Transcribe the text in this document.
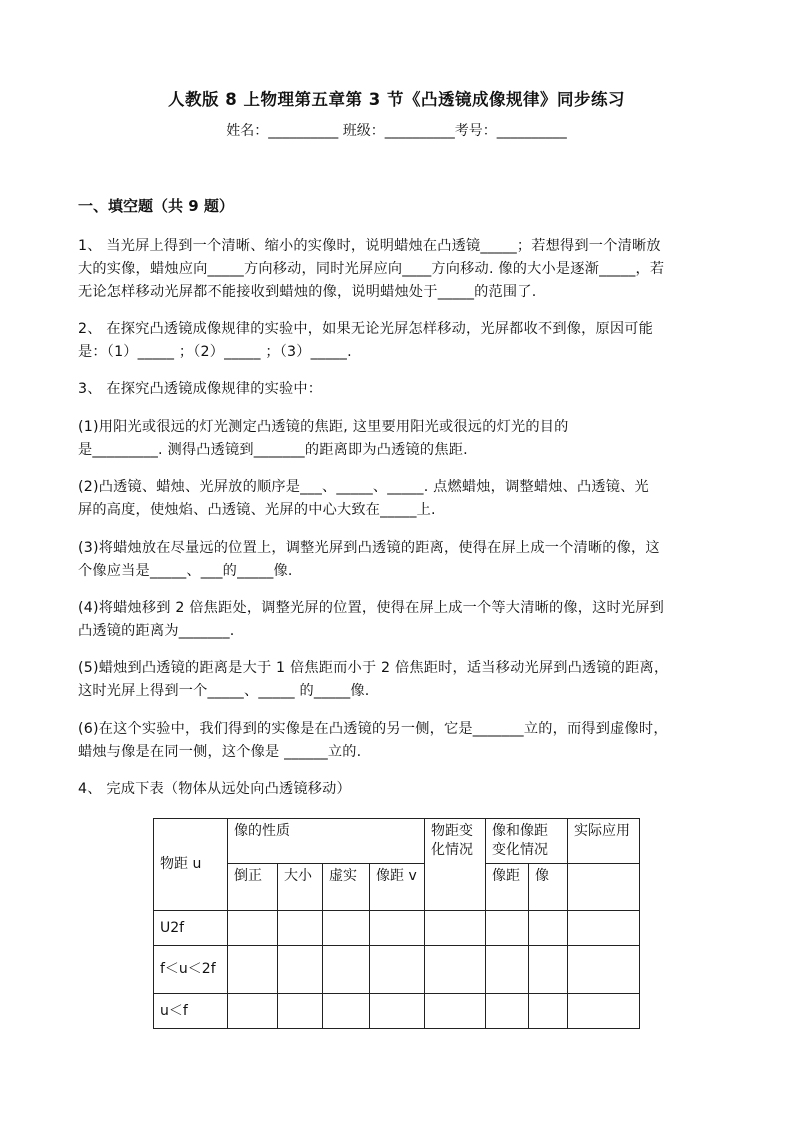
人教版 8 上物理第五章第 3 节《凸透镜成像规律》同步练习
姓名：__________ 班级：__________考号：__________
一、填空题（共 9 题）
1、 当光屏上得到一个清晰、缩小的实像时，说明蜡烛在凸透镜_____；若想得到一个清晰放
大的实像，蜡烛应向_____方向移动，同时光屏应向____方向移动. 像的大小是逐渐_____，若
无论怎样移动光屏都不能接收到蜡烛的像，说明蜡烛处于_____的范围了.
2、 在探究凸透镜成像规律的实验中，如果无论光屏怎样移动，光屏都收不到像，原因可能
是：（1）_____ ；（2）_____ ；（3）_____.
3、 在探究凸透镜成像规律的实验中：
(1)用阳光或很远的灯光测定凸透镜的焦距, 这里要用阳光或很远的灯光的目的
是_________. 测得凸透镜到_______的距离即为凸透镜的焦距.
(2)凸透镜、蜡烛、光屏放的顺序是___、_____、_____. 点燃蜡烛，调整蜡烛、凸透镜、光
屏的高度，使烛焰、凸透镜、光屏的中心大致在_____上.
(3)将蜡烛放在尽量远的位置上，调整光屏到凸透镜的距离，使得在屏上成一个清晰的像，这
个像应当是_____、___的_____像.
(4)将蜡烛移到 2 倍焦距处，调整光屏的位置，使得在屏上成一个等大清晰的像，这时光屏到
凸透镜的距离为_______.
(5)蜡烛到凸透镜的距离是大于 1 倍焦距而小于 2 倍焦距时，适当移动光屏到凸透镜的距离，
这时光屏上得到一个_____、_____ 的_____像.
(6)在这个实验中，我们得到的实像是在凸透镜的另一侧，它是_______立的，而得到虚像时，
蜡烛与像是在同一侧，这个像是 ______立的.
4、 完成下表（物体从远处向凸透镜移动）
物距 u	像的性质				物距变化情况	像和像距变化情况		实际应用
	倒正	大小	虚实	像距 v		像距	像	
U2f								
f＜u＜2f								
u＜f								
